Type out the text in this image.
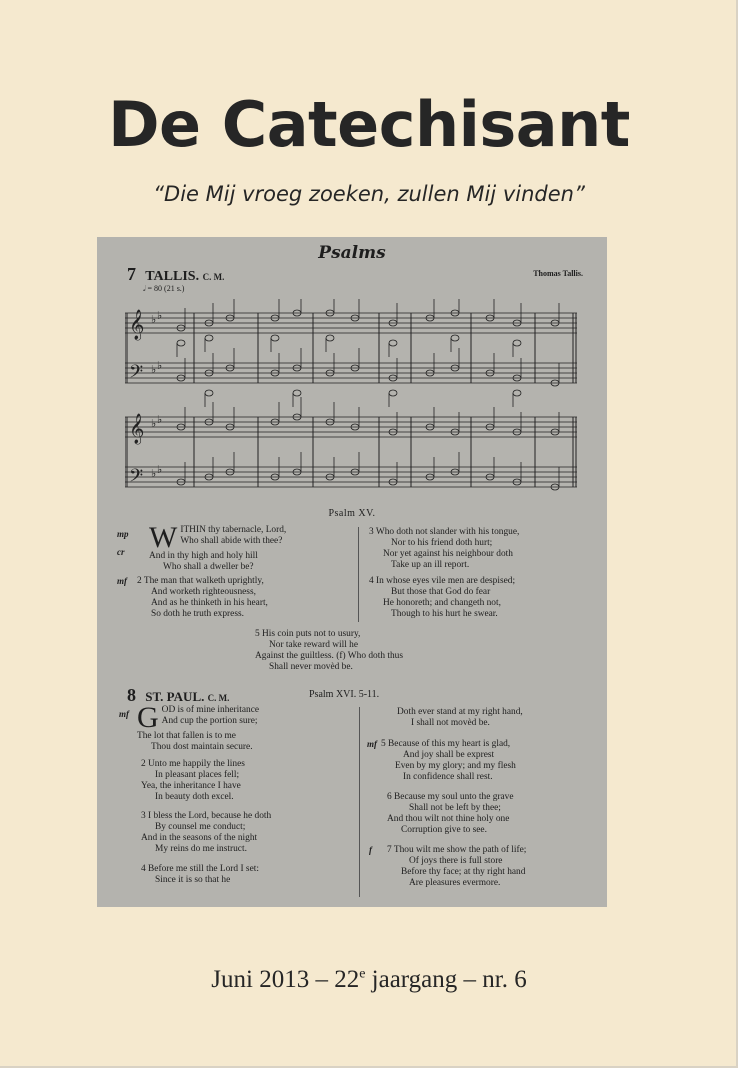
De Catechisant
“Die Mij vroeg zoeken, zullen Mij vinden”
Psalms
7 TALLIS. C. M.	Thomas Tallis.
𝅗𝅥 = 80 (21 s.)
𝄞
𝄢
♭ ♭
♭ ♭
𝄞
𝄢
♭ ♭
♭ ♭
Psalm XV.
mp
cr W ITHIN thy tabernacle, Lord,
Who shall abide with thee?
And in thy high and holy hill
Who shall a dweller be?
mf 2 The man that walketh uprightly,
And worketh righteousness,
And as he thinketh in his heart,
So doth he truth express.
3 Who doth not slander with his tongue,
Nor to his friend doth hurt;
Nor yet against his neighbour doth
Take up an ill report.
4 In whose eyes vile men are despised;
But those that God do fear
He honoreth; and changeth not,
Though to his hurt he swear.
5 His coin puts not to usury,
Nor take reward will he
Against the guiltless. (f) Who doth thus
Shall never movèd be.
8 ST. PAUL. C. M.	Psalm XVI. 5-11.
mf G OD is of mine inheritance
And cup the portion sure;
The lot that fallen is to me
Thou dost maintain secure.
2 Unto me happily the lines
In pleasant places fell;
Yea, the inheritance I have
In beauty doth excel.
3 I bless the Lord, because he doth
By counsel me conduct;
And in the seasons of the night
My reins do me instruct.
4 Before me still the Lord I set:
Since it is so that he
Doth ever stand at my right hand,
I shall not movèd be.
mf 5 Because of this my heart is glad,
And joy shall be exprest
Even by my glory; and my flesh
In confidence shall rest.
6 Because my soul unto the grave
Shall not be left by thee;
And thou wilt not thine holy one
Corruption give to see.
f 7 Thou wilt me show the path of life;
Of joys there is full store
Before thy face; at thy right hand
Are pleasures evermore.
Juni 2013 – 22e jaargang – nr. 6
